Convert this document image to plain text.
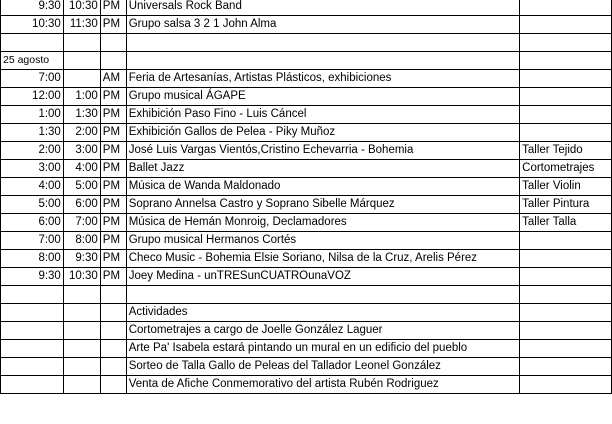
9:30	10:30	PM	Universals Rock Band	
10:30	11:30	PM	Grupo salsa 3 2 1 John Alma	

25 agosto				
7:00		AM	Feria de Artesanías, Artistas Plásticos, exhibiciones	
12:00	1:00	PM	Grupo musical ÁGAPE	
1:00	1:30	PM	Exhibición Paso Fino - Luis Cáncel	
1:30	2:00	PM	Exhibición Gallos de Pelea - Piky Muñoz	
2:00	3:00	PM	José Luis Vargas Vientós,Cristino Echevarria - Bohemia	Taller Tejido
3:00	4:00	PM	Ballet Jazz	Cortometrajes
4:00	5:00	PM	Música de Wanda Maldonado	Taller Violin
5:00	6:00	PM	Soprano Annelsa Castro y Soprano Sibelle Márquez	Taller Pintura
6:00	7:00	PM	Música de Hemán Monroig, Declamadores	Taller Talla
7:00	8:00	PM	Grupo musical Hermanos Cortés	
8:00	9:30	PM	Checo Music - Bohemia Elsie Soriano, Nilsa de la Cruz, Arelis Pérez	
9:30	10:30	PM	Joey Medina - unTRESunCUATROunaVOZ	

			Actividades	
			Cortometrajes a cargo de Joelle González Laguer	
			Arte Pa' Isabela estará pintando un mural en un edificio del pueblo	
			Sorteo de Talla Gallo de Peleas del Tallador Leonel González	
			Venta de Afiche Conmemorativo del artista Rubén Rodriguez	
